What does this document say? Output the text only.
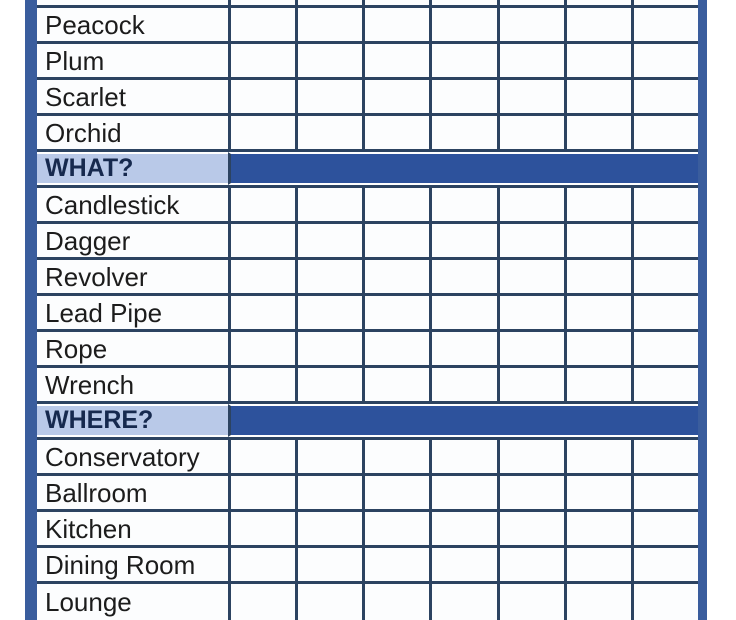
Peacock
Plum
Scarlet
Orchid
WHAT?
Candlestick
Dagger
Revolver
Lead Pipe
Rope
Wrench
WHERE?
Conservatory
Ballroom
Kitchen
Dining Room
Lounge
